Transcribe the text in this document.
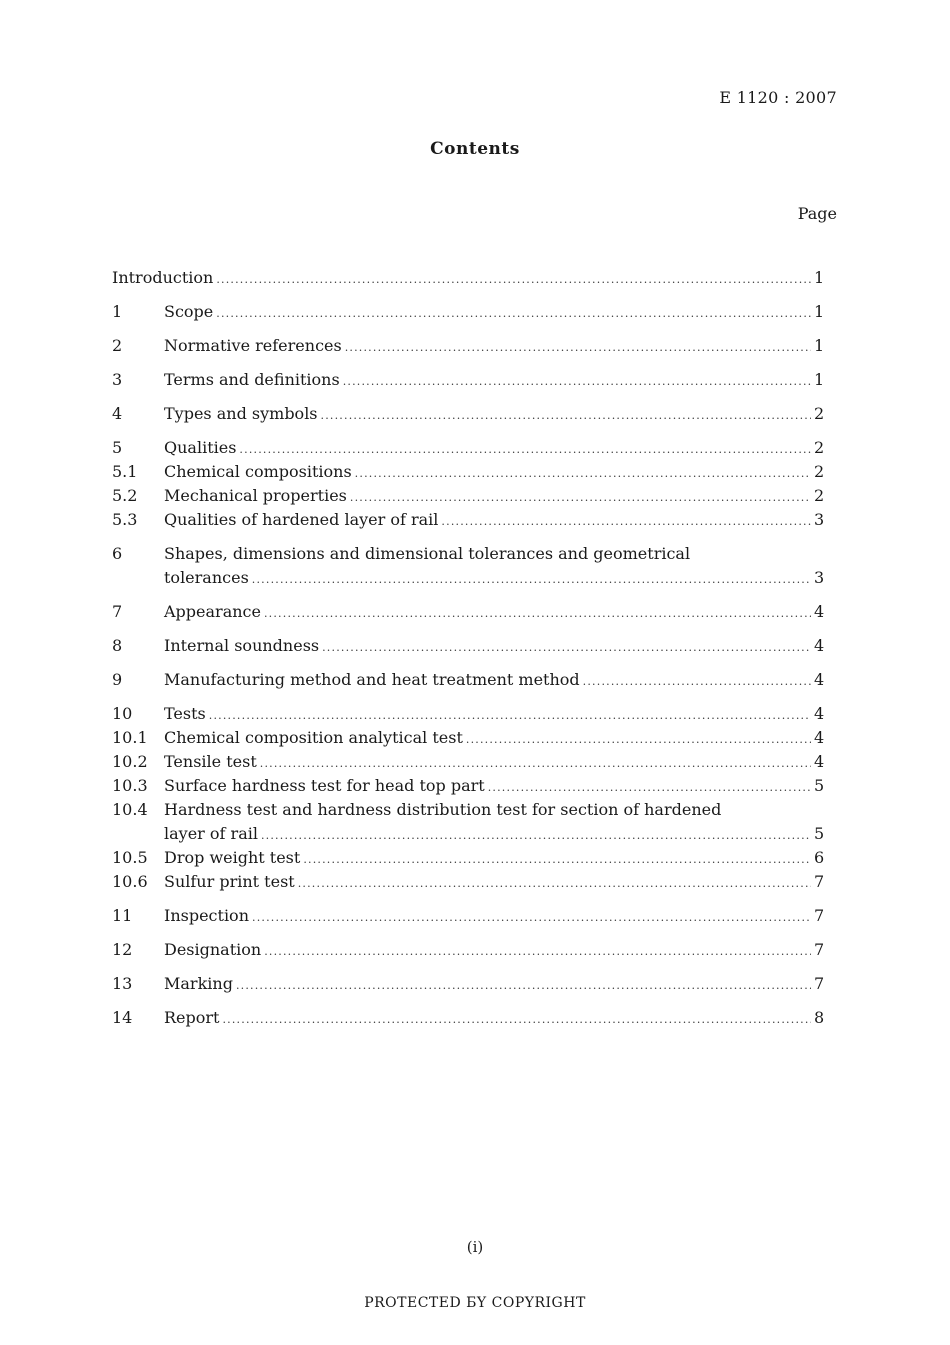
E 1120 : 2007
Contents
Page
Introduction .....	1
1	Scope .....	1
2	Normative references .....	1
3	Terms and definitions .....	1
4	Types and symbols .....	2
5	Qualities .....	2
5.1	Chemical compositions .....	2
5.2	Mechanical properties .....	2
5.3	Qualities of hardened layer of rail .....	3
6	Shapes, dimensions and dimensional tolerances and geometrical
tolerances .....	3
7	Appearance .....	4
8	Internal soundness .....	4
9	Manufacturing method and heat treatment method .....	4
10	Tests .....	4
10.1	Chemical composition analytical test .....	4
10.2	Tensile test .....	4
10.3	Surface hardness test for head top part .....	5
10.4	Hardness test and hardness distribution test for section of hardened
layer of rail .....	5
10.5	Drop weight test .....	6
10.6	Sulfur print test .....	7
11	Inspection .....	7
12	Designation .....	7
13	Marking .....	7
14	Report .....	8
(i)
PROTECTED БY COPYRIGHT
